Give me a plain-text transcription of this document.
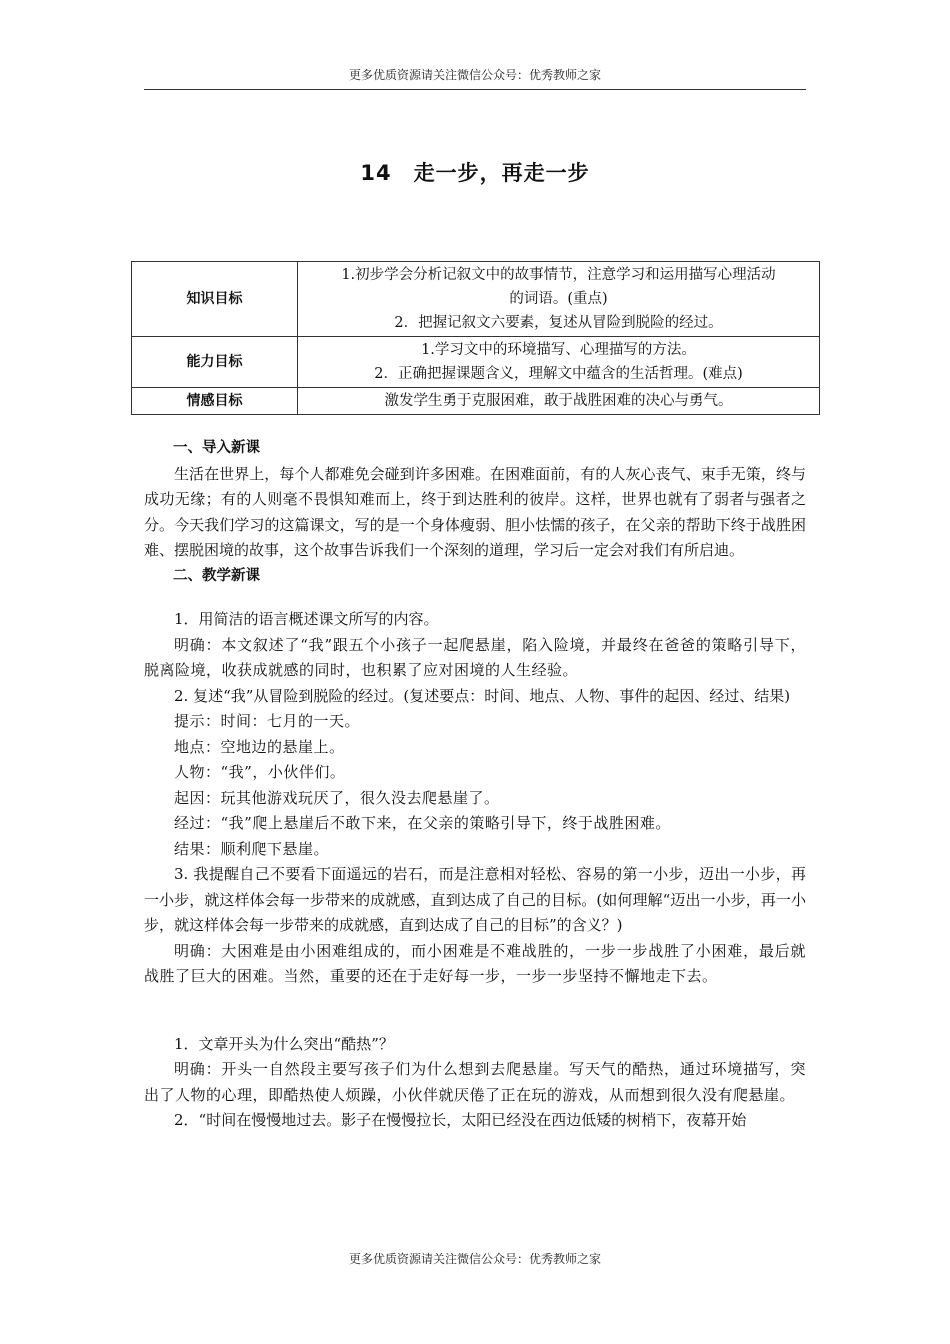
更多优质资源请关注微信公众号：优秀教师之家
14 走一步，再走一步
知识目标	1.初步学会分析记叙文中的故事情节，注意学习和运用描写心理活动
的词语。(重点)
2．把握记叙文六要素，复述从冒险到脱险的经过。

能力目标	1.学习文中的环境描写、心理描写的方法。
2．正确把握课题含义，理解文中蕴含的生活哲理。(难点)

情感目标	激发学生勇于克服困难，敢于战胜困难的决心与勇气。

一、导入新课

生活在世界上，每个人都难免会碰到许多困难。在困难面前，有的人灰心丧气、束手无策，终与成功无缘；有的人则毫不畏惧知难而上，终于到达胜利的彼岸。这样，世界也就有了弱者与强者之分。今天我们学习的这篇课文，写的是一个身体瘦弱、胆小怯懦的孩子，在父亲的帮助下终于战胜困难、摆脱困境的故事，这个故事告诉我们一个深刻的道理，学习后一定会对我们有所启迪。

二、教学新课

1．用简洁的语言概述课文所写的内容。

明确：本文叙述了“我”跟五个小孩子一起爬悬崖，陷入险境，并最终在爸爸的策略引导下，脱离险境，收获成就感的同时，也积累了应对困境的人生经验。

2. 复述“我”从冒险到脱险的经过。(复述要点：时间、地点、人物、事件的起因、经过、结果)

提示：时间：七月的一天。

地点：空地边的悬崖上。

人物：“我”，小伙伴们。

起因：玩其他游戏玩厌了，很久没去爬悬崖了。

经过：“我”爬上悬崖后不敢下来，在父亲的策略引导下，终于战胜困难。

结果：顺利爬下悬崖。

3. 我提醒自己不要看下面遥远的岩石，而是注意相对轻松、容易的第一小步，迈出一小步，再一小步，就这样体会每一步带来的成就感，直到达成了自己的目标。(如何理解“迈出一小步，再一小步，就这样体会每一步带来的成就感，直到达成了自己的目标”的含义？)

明确：大困难是由小困难组成的，而小困难是不难战胜的，一步一步战胜了小困难，最后就战胜了巨大的困难。当然，重要的还在于走好每一步，一步一步坚持不懈地走下去。

1．文章开头为什么突出“酷热”？

明确：开头一自然段主要写孩子们为什么想到去爬悬崖。写天气的酷热，通过环境描写，突出了人物的心理，即酷热使人烦躁，小伙伴就厌倦了正在玩的游戏，从而想到很久没有爬悬崖。

2．“时间在慢慢地过去。影子在慢慢拉长，太阳已经没在西边低矮的树梢下，夜幕开始

更多优质资源请关注微信公众号：优秀教师之家
